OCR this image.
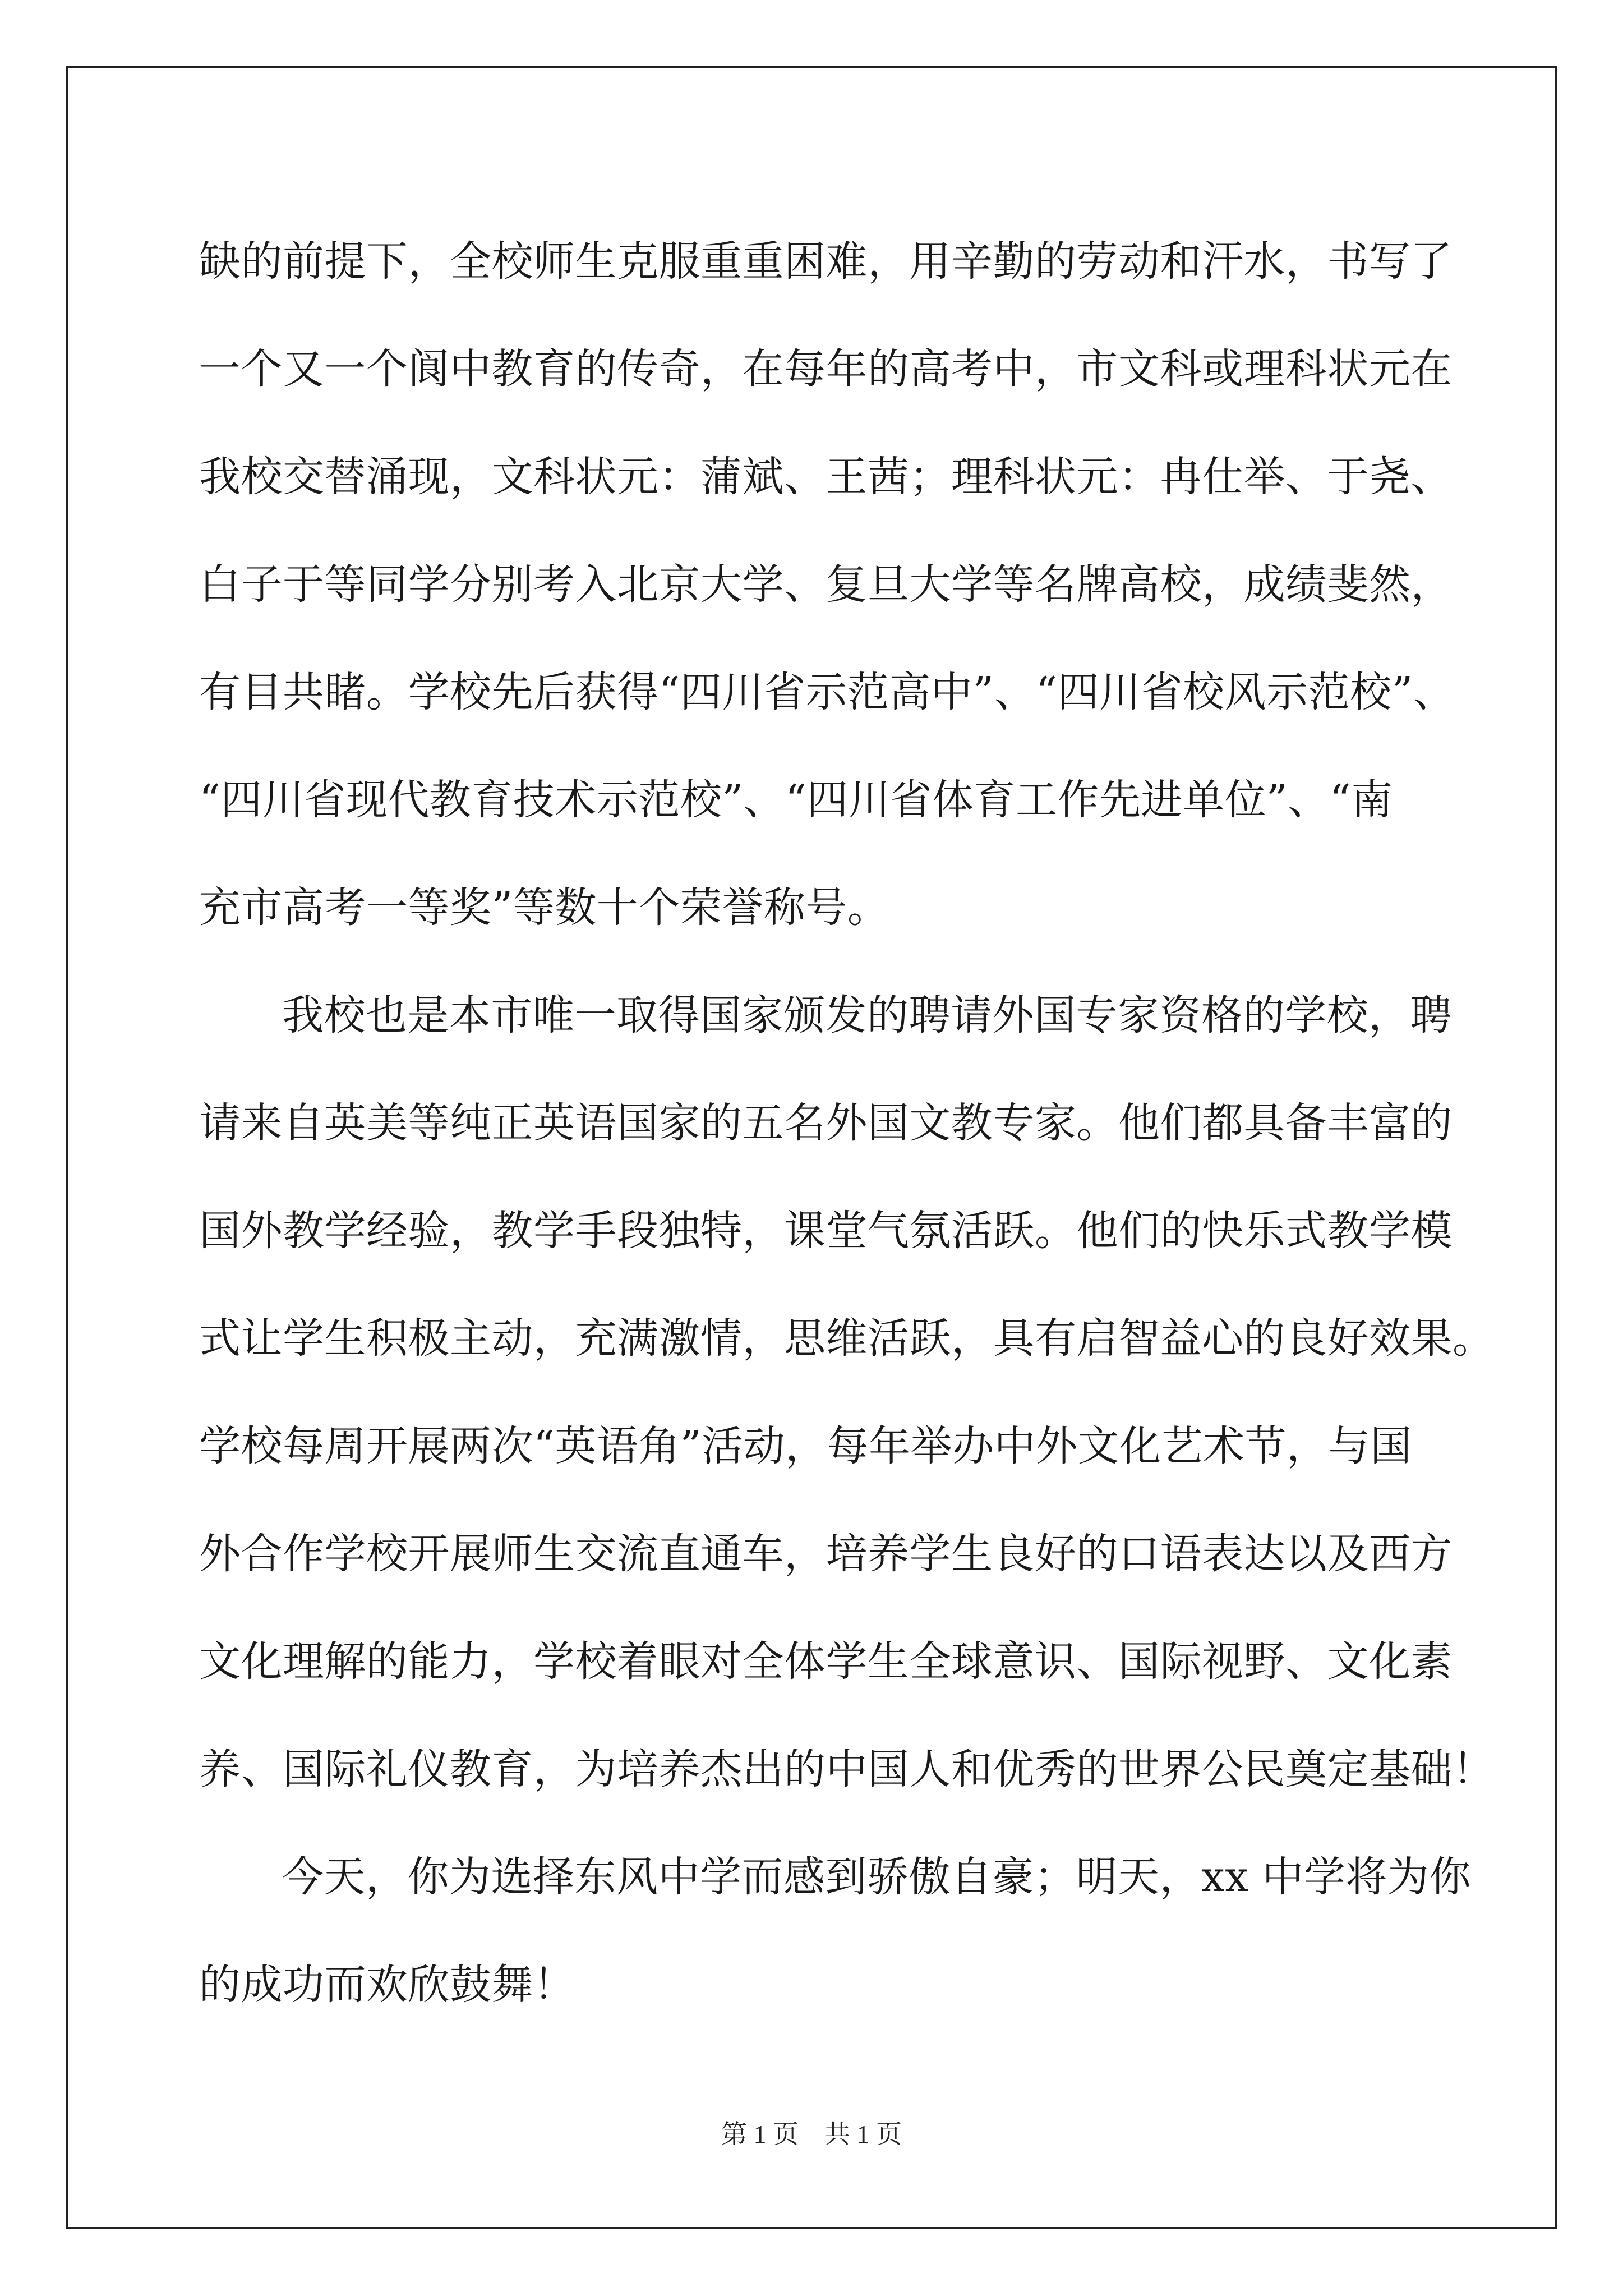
缺的前提下，全校师生克服重重困难，用辛勤的劳动和汗水，书写了
一个又一个阆中教育的传奇，在每年的高考中，市文科或理科状元在
我校交替涌现，文科状元：蒲斌、王茜；理科状元：冉仕举、于尧、
白子于等同学分别考入北京大学、复旦大学等名牌高校，成绩斐然，
有目共睹。学校先后获得“四川省示范高中”、“四川省校风示范校”、
“四川省现代教育技术示范校”、“四川省体育工作先进单位”、“南
充市高考一等奖”等数十个荣誉称号。
我校也是本市唯一取得国家颁发的聘请外国专家资格的学校，聘
请来自英美等纯正英语国家的五名外国文教专家。他们都具备丰富的
国外教学经验，教学手段独特，课堂气氛活跃。他们的快乐式教学模
式让学生积极主动，充满激情，思维活跃，具有启智益心的良好效果。
学校每周开展两次“英语角”活动，每年举办中外文化艺术节，与国
外合作学校开展师生交流直通车，培养学生良好的口语表达以及西方
文化理解的能力，学校着眼对全体学生全球意识、国际视野、文化素
养、国际礼仪教育，为培养杰出的中国人和优秀的世界公民奠定基础！
今天，你为选择东风中学而感到骄傲自豪；明天，xx 中学将为你
的成功而欢欣鼓舞！
第 1 页 共 1 页
